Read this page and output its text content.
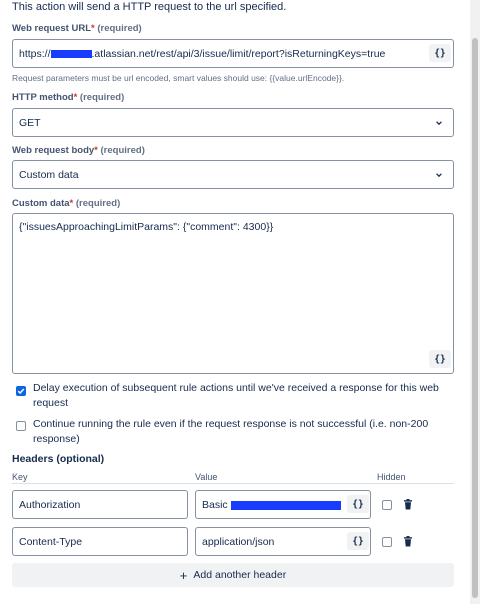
This action will send a HTTP request to the url specified.
Web request URL* (required)
https://	.atlassian.net/rest/api/3/issue/limit/report?isReturningKeys=true	{}
Request parameters must be url encoded, smart values should use: {{value.urlEncode}}.
HTTP method* (required)
GET
Web request body* (required)
Custom data
Custom data* (required)
{"issuesApproachingLimitParams": {"comment": 4300}}
{}
Delay execution of subsequent rule actions until we've received a response for this web request
Continue running the rule even if the request response is not successful (i.e. non-200 response)
Headers (optional)
Key	Value	Hidden
Authorization	Basic	{}
Content-Type	application/json	{}
+ Add another header
